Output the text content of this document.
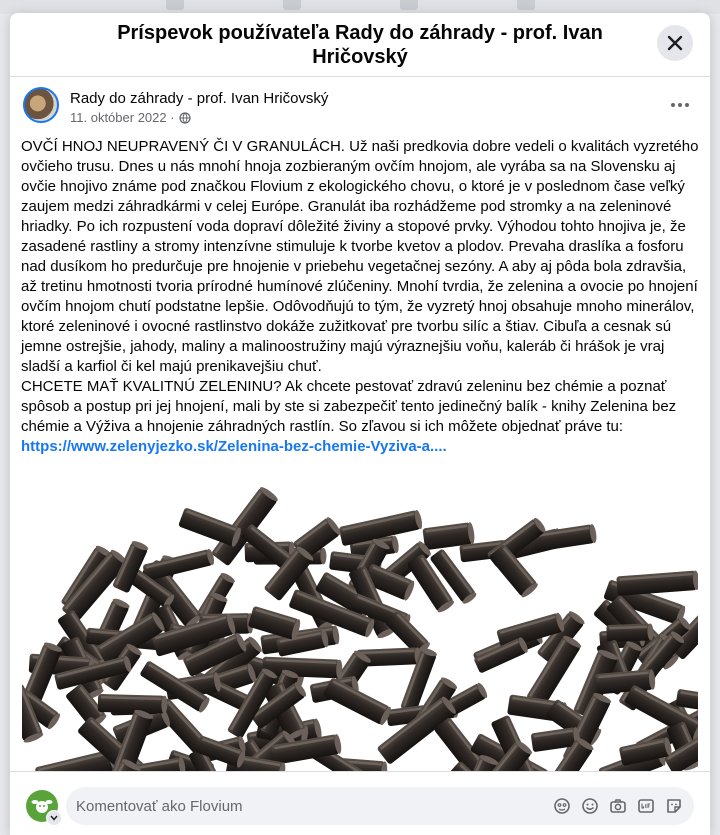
Príspevok používateľa Rady do záhrady - prof. Ivan Hričovský
Rady do záhrady - prof. Ivan Hričovský
11. október 2022 ·

OVČÍ HNOJ NEUPRAVENÝ ČI V GRANULÁCH. Už naši predkovia dobre vedeli o kvalitách vyzretého ovčieho trusu. Dnes u nás mnohí hnoja zozbieraným ovčím hnojom, ale vyrába sa na Slovensku aj ovčie hnojivo známe pod značkou Flovium z ekologického chovu, o ktoré je v poslednom čase veľký zaujem medzi záhradkármi v celej Európe. Granulát iba rozhádžeme pod stromky a na zeleninové hriadky. Po ich rozpustení voda dopraví dôležité živiny a stopové prvky. Výhodou tohto hnojiva je, že zasadené rastliny a stromy intenzívne stimuluje k tvorbe kvetov a plodov. Prevaha draslíka a fosforu nad dusíkom ho predurčuje pre hnojenie v priebehu vegetačnej sezóny. A aby aj pôda bola zdravšia, až tretinu hmotnosti tvoria prírodné humínové zlúčeniny. Mnohí tvrdia, že zelenina a ovocie po hnojení ovčím hnojom chutí podstatne lepšie. Odôvodňujú to tým, že vyzretý hnoj obsahuje mnoho minerálov, ktoré zeleninové i ovocné rastlinstvo dokáže zužitkovať pre tvorbu silíc a štiav. Cibuľa a cesnak sú jemne ostrejšie, jahody, maliny a malinoostružiny majú výraznejšiu voňu, kaleráb či hrášok je vraj sladší a karfiol či kel majú prenikavejšiu chuť.

CHCETE MAŤ KVALITNÚ ZELENINU? Ak chcete pestovať zdravú zeleninu bez chémie a poznať spôsob a postup pri jej hnojení, mali by ste si zabezpečiť tento jedinečný balík - knihy Zelenina bez chémie a Výživa a hnojenie záhradných rastlín. So zľavou si ich môžete objednať práve tu:

https://www.zelenyjezko.sk/Zelenina-bez-chemie-Vyziva-a....
Komentovať ako Flovium
